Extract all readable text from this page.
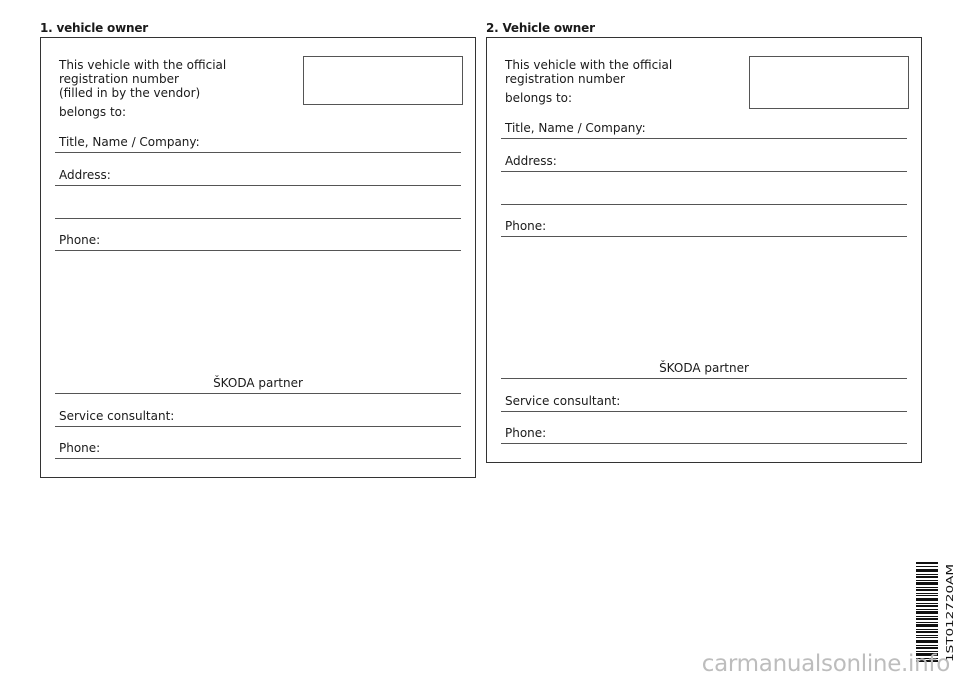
1. vehicle owner
This vehicle with the official registration number
(filled in by the vendor)
belongs to:
Title, Name / Company:
Address:
Phone:
ŠKODA partner
Service consultant:
Phone:
2. Vehicle owner
This vehicle with the official registration number
belongs to:
Title, Name / Company:
Address:
Phone:
ŠKODA partner
Service consultant:
Phone:
1ST012720AM
carmanualsonline.info
